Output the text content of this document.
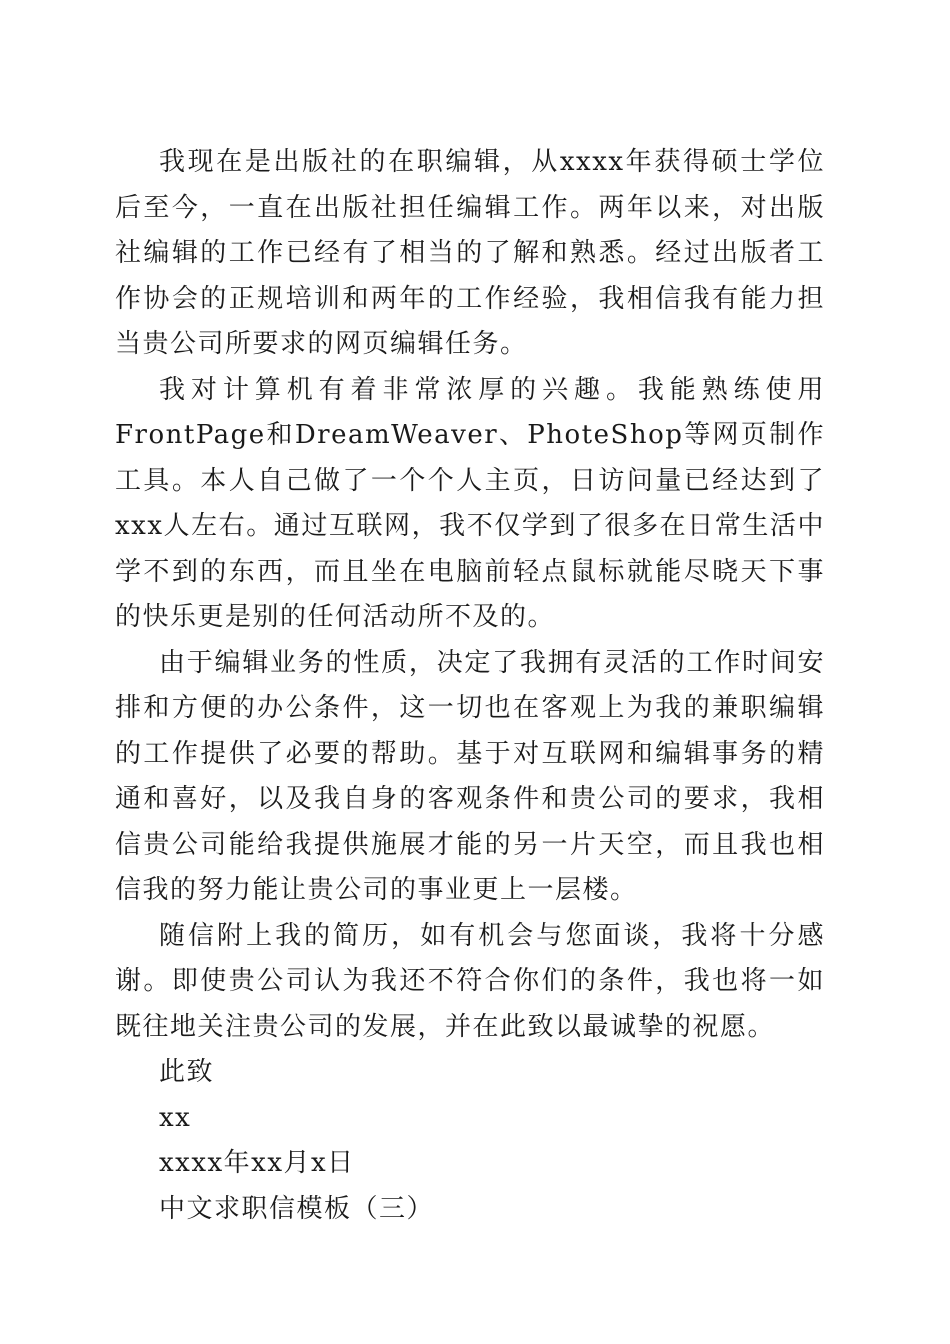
我现在是出版社的在职编辑，从xxxx年获得硕士学位后至今，一直在出版社担任编辑工作。两年以来，对出版社编辑的工作已经有了相当的了解和熟悉。经过出版者工作协会的正规培训和两年的工作经验，我相信我有能力担当贵公司所要求的网页编辑任务。

我对计算机有着非常浓厚的兴趣。我能熟练使用FrontPage和DreamWeaver、PhoteShop等网页制作工具。本人自己做了一个个人主页，日访问量已经达到了xxx人左右。通过互联网，我不仅学到了很多在日常生活中学不到的东西，而且坐在电脑前轻点鼠标就能尽晓天下事的快乐更是别的任何活动所不及的。

由于编辑业务的性质，决定了我拥有灵活的工作时间安排和方便的办公条件，这一切也在客观上为我的兼职编辑的工作提供了必要的帮助。基于对互联网和编辑事务的精通和喜好，以及我自身的客观条件和贵公司的要求，我相信贵公司能给我提供施展才能的另一片天空，而且我也相信我的努力能让贵公司的事业更上一层楼。

随信附上我的简历，如有机会与您面谈，我将十分感谢。即使贵公司认为我还不符合你们的条件，我也将一如既往地关注贵公司的发展，并在此致以最诚挚的祝愿。

此致

xx

xxxx年xx月x日

中文求职信模板（三）
